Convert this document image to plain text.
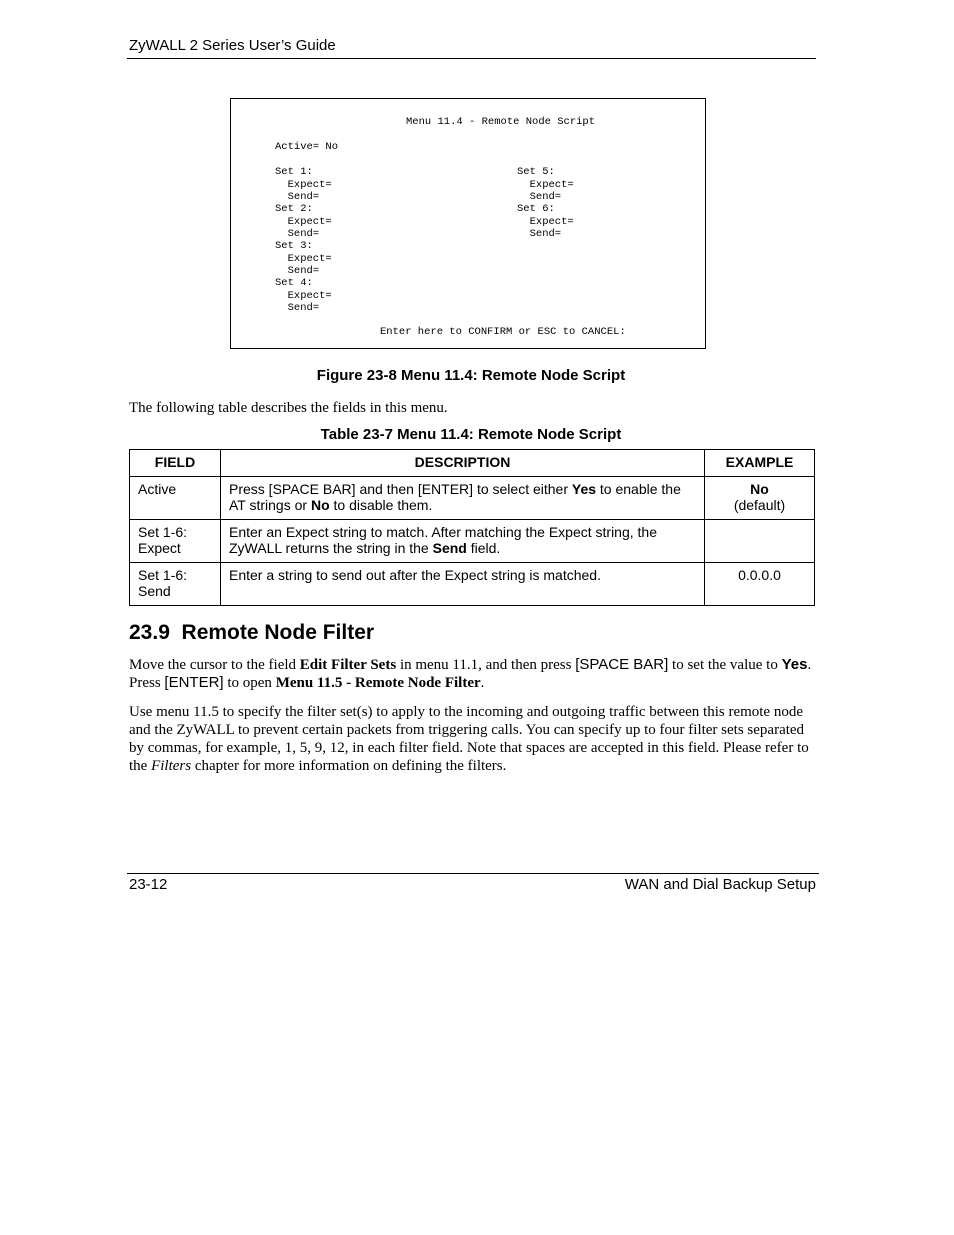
ZyWALL 2 Series User’s Guide
Menu 11.4 - Remote Node Script
Active= No
Set 1:
Expect=
Send=
Set 2:
Expect=
Send=
Set 3:
Expect=
Send=
Set 4:
Expect=
Send=
Set 5:
Expect=
Send=
Set 6:
Expect=
Send=
Enter here to CONFIRM or ESC to CANCEL:
Figure 23-8 Menu 11.4: Remote Node Script
The following table describes the fields in this menu.
Table 23-7 Menu 11.4: Remote Node Script
FIELD	DESCRIPTION	EXAMPLE
Active	Press [SPACE BAR] and then [ENTER] to select either Yes to enable the AT strings or No to disable them.	No
(default)
Set 1-6:
Expect	Enter an Expect string to match. After matching the Expect string, the ZyWALL returns the string in the Send field.	
Set 1-6:
Send	Enter a string to send out after the Expect string is matched.	0.0.0.0
23.9  Remote Node Filter
Move the cursor to the field Edit Filter Sets in menu 11.1, and then press [SPACE BAR] to set the value to Yes. Press [ENTER] to open Menu 11.5 - Remote Node Filter.
Use menu 11.5 to specify the filter set(s) to apply to the incoming and outgoing traffic between this remote node and the ZyWALL to prevent certain packets from triggering calls. You can specify up to four filter sets separated by commas, for example, 1, 5, 9, 12, in each filter field. Note that spaces are accepted in this field. Please refer to the Filters chapter for more information on defining the filters.
23-12	WAN and Dial Backup Setup
